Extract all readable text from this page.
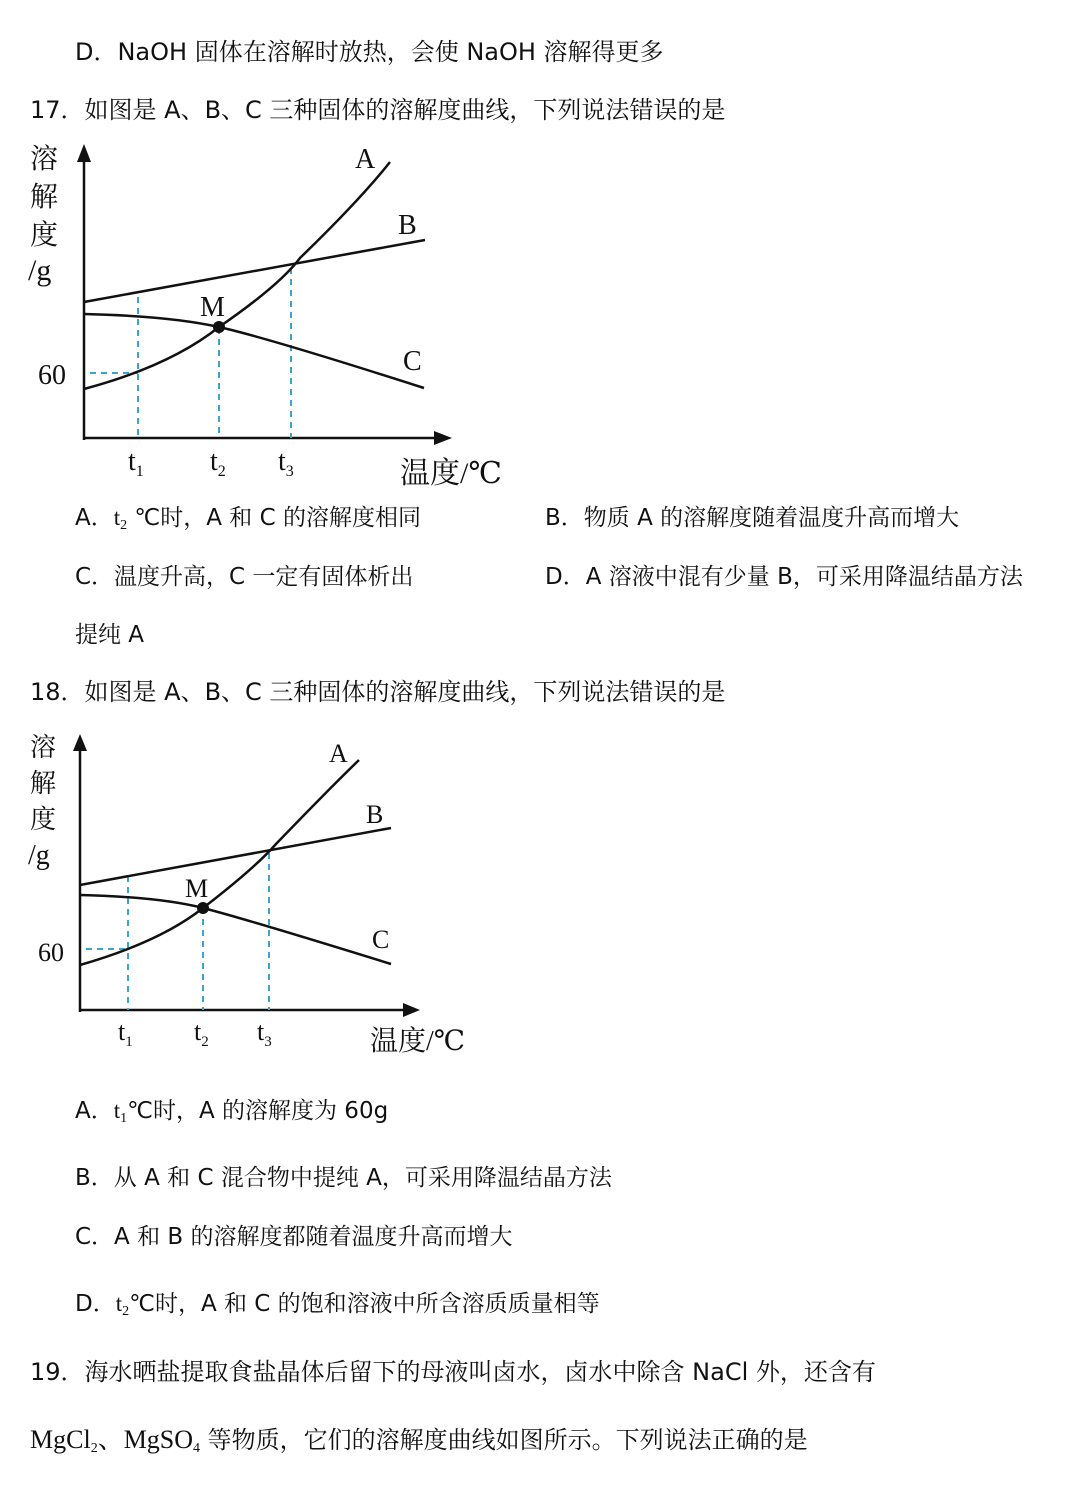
D．NaOH 固体在溶解时放热，会使 NaOH 溶解得更多
17．如图是 A、B、C 三种固体的溶解度曲线，下列说法错误的是
溶
解
度
/g
A
B
C
M
60
$t_1$ $t_2$ $t_3$	温度/℃
A．$t_2$ ℃时，A 和 C 的溶解度相同	B．物质 A 的溶解度随着温度升高而增大
C．温度升高，C 一定有固体析出	D．A 溶液中混有少量 B，可采用降温结晶方法
提纯 A
18．如图是 A、B、C 三种固体的溶解度曲线，下列说法错误的是
溶
解
度
/g
A
B
C
M
60
$t_1$ $t_2$ $t_3$	温度/℃
A．$t_1℃$时，A 的溶解度为 60g
B．从 A 和 C 混合物中提纯 A，可采用降温结晶方法
C．A 和 B 的溶解度都随着温度升高而增大
D．$t_2℃$时，A 和 C 的饱和溶液中所含溶质质量相等
19．海水晒盐提取食盐晶体后留下的母液叫卤水，卤水中除含 NaCl 外，还含有
MgCl$_2$、MgSO$_4$ 等物质，它们的溶解度曲线如图所示。下列说法正确的是
